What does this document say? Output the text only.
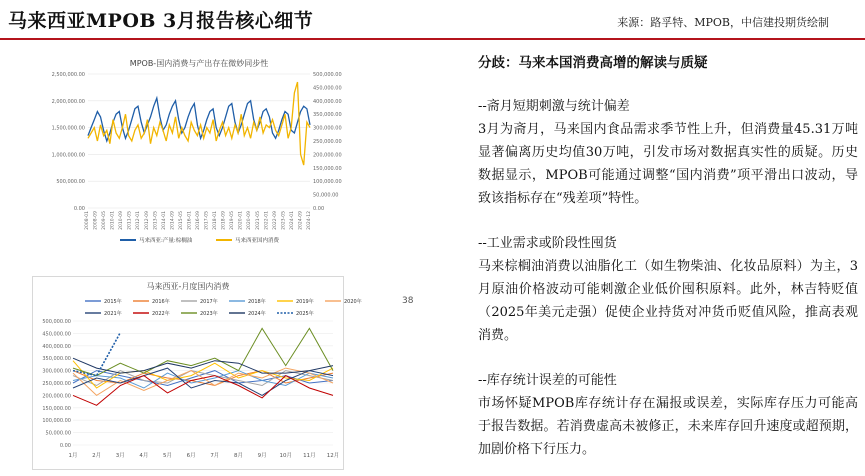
马来西亚MPOB 3月报告核心细节	来源：路孚特、MPOB，中信建投期货绘制
MPOB-国内消费与产出存在微妙同步性
0.00
500,000.00
1,000,000.00
1,500,000.00
2,000,000.00
2,500,000.00
0.00
50,000.00
100,000.00
150,000.00
200,000.00
250,000.00
300,000.00
350,000.00
400,000.00
450,000.00
500,000.00
2008-01 2008-09 2009-05 2010-01 2010-09 2011-05 2012-01 2012-09 2013-05 2014-01 2014-09 2015-05 2016-01 2016-09 2017-05 2018-01 2018-09 2019-05 2020-01 2020-09 2021-05 2022-01 2022-09 2023-05 2024-01 2024-09 2024-12
马来西亚:产量:棕榈油	马来西亚国内消费
马来西亚-月度国内消费
2015年	2016年	2017年	2018年	2019年	2020年
2021年	2022年	2023年	2024年	2025年
0.00
50,000.00
100,000.00
150,000.00
200,000.00
250,000.00
300,000.00
350,000.00
400,000.00
450,000.00
500,000.00
1月	2月	3月	4月	5月	6月	7月	8月	9月 10月 11月 12月
38
分歧：马来本国消费高增的解读与质疑
--斋月短期刺激与统计偏差

3月为斋月，马来国内食品需求季节性上升，但消费量45.31万吨显著偏离历史均值30万吨，引发市场对数据真实性的质疑。历史数据显示，MPOB可能通过调整“国内消费”项平滑出口波动，导致该指标存在“残差项”特性。

--工业需求或阶段性囤货

马来棕榈油消费以油脂化工（如生物柴油、化妆品原料）为主，3月原油价格波动可能刺激企业低价囤积原料。此外，林吉特贬值（2025年美元走强）促使企业持货对冲货币贬值风险，推高表观消费。

--库存统计误差的可能性

市场怀疑MPOB库存统计存在漏报或误差，实际库存压力可能高于报告数据。若消费虚高未被修正，未来库存回升速度或超预期，加剧价格下行压力。
